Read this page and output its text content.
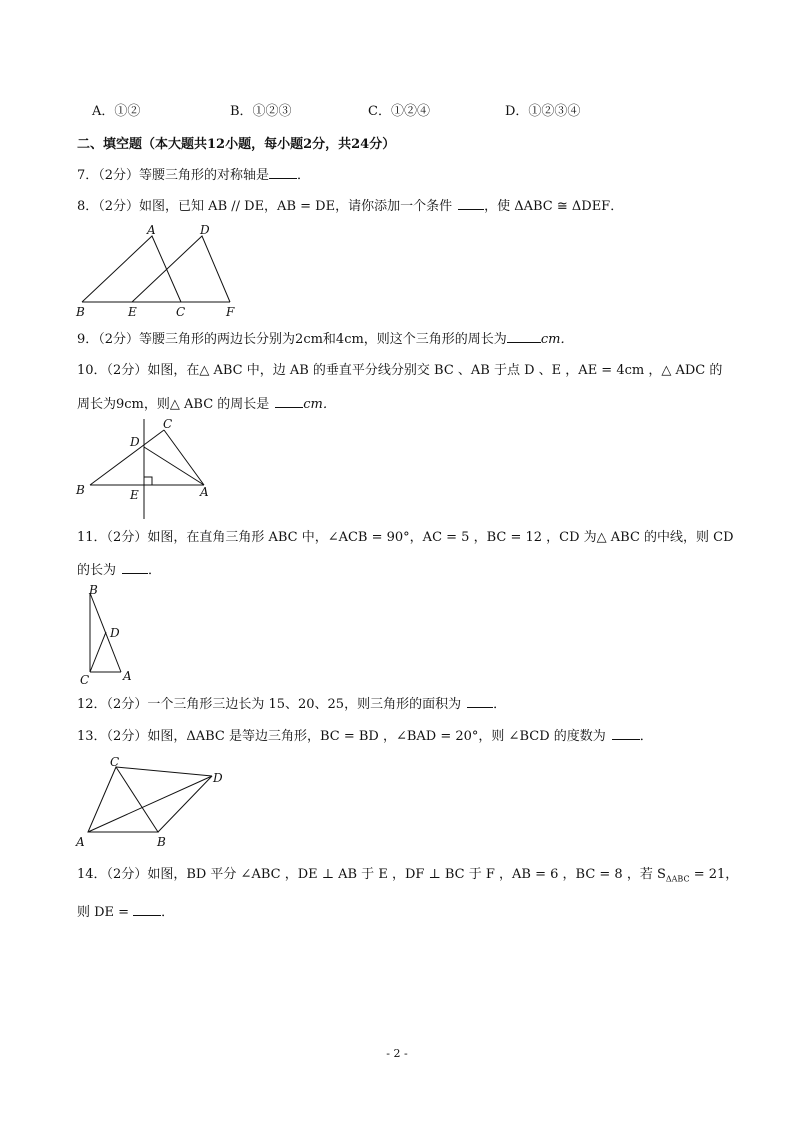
A．①②	B．①②③	C．①②④	D．①②③④
二、填空题（本大题共12小题，每小题2分，共24分）
7．（2分）等腰三角形的对称轴是 ．
8．（2分）如图，已知 AB // DE，AB = DE，请你添加一个条件 ，使 ΔABC ≅ ΔDEF．
A	D
B	E	C	F
9．（2分）等腰三角形的两边长分别为2cm和4cm，则这个三角形的周长为	cm．
10．（2分）如图，在△ ABC 中，边 AB 的垂直平分线分别交 BC 、AB 于点 D 、E ，AE = 4cm ，△ ADC 的
周长为9cm，则△ ABC 的周长是	cm．
C
D
B	E	A
11．（2分）如图，在直角三角形 ABC 中，∠ACB = 90°，AC = 5 ，BC = 12 ，CD 为△ ABC 的中线，则 CD
的长为 ．
B
D
C	A
12．（2分）一个三角形三边长为 15、20、25，则三角形的面积为 ．
13．（2分）如图，ΔABC 是等边三角形，BC = BD ，∠BAD = 20°，则 ∠BCD 的度数为	．
C
D
A	B
14．（2分）如图，BD 平分 ∠ABC ，DE ⊥ AB 于 E ，DF ⊥ BC 于 F ，AB = 6 ，BC = 8 ，若 $S_{\Delta ABC} = 21$，
则 DE = ．
- 2 -
